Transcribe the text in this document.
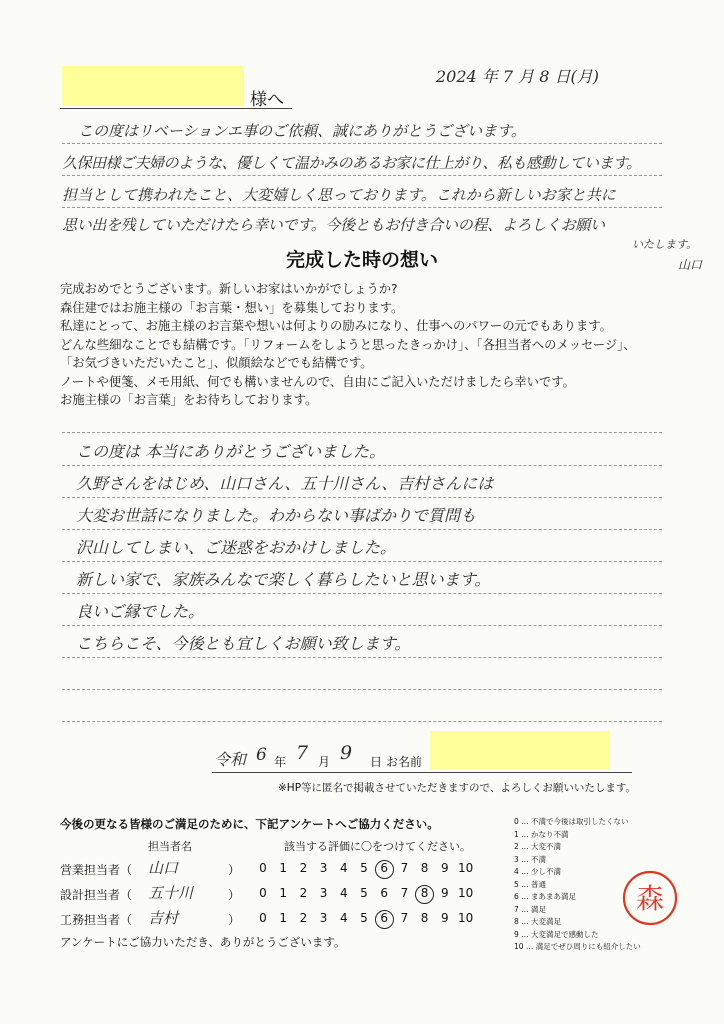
様へ
2024 年 7 月 8 日(月)
この度はリベーションエ事のご依頼、誠にありがとうございます。
久保田様ご夫婦のような、優しくて温かみのあるお家に仕上がり、私も感動しています。
担当として携われたこと、大変嬉しく思っております。これから新しいお家と共に
思い出を残していただけたら幸いです。今後ともお付き合いの程、よろしくお願い
いたします。
山口
完成した時の想い
完成おめでとうございます。新しいお家はいかがでしょうか?
森住建ではお施主様の「お言葉・想い」を募集しております。
私達にとって、お施主様のお言葉や想いは何よりの励みになり、仕事へのパワーの元でもあります。
どんな些細なことでも結構です。「リフォームをしようと思ったきっかけ」、「各担当者へのメッセージ」、
「お気づきいただいたこと」、似顔絵などでも結構です。
ノートや便箋、メモ用紙、何でも構いませんので、自由にご記入いただけましたら幸いです。
お施主様の「お言葉」をお待ちしております。
この度は 本当にありがとうございました。
久野さんをはじめ、山口さん、五十川さん、吉村さんには
大変お世話になりました。わからない事ばかりで質問も
沢山してしまい、ご迷惑をおかけしました。
新しい家で、家族みんなで楽しく暮らしたいと思います。
良いご縁でした。
こちらこそ、今後とも宜しくお願い致します。
令和 6 年 7 月 9 日 お名前
※HP等に匿名で掲載させていただきますので、よろしくお願いいたします。
今後の更なる皆様のご満足のために、下記アンケートへご協力ください。
担当者名	該当する評価に〇をつけてください。
営業担当者（ 山口	） 0 1 2 3 4 5 6 7 8 9 10
設計担当者（ 五十川	） 0 1 2 3 4 5 6 7 8 9 10
工務担当者（ 吉村	） 0 1 2 3 4 5 6 7 8 9 10
アンケートにご協力いただき、ありがとうございます。
0 … 不満で今後は取引したくない
1 … かなり不満
2 … 大変不満
3 … 不満
4 … 少し不満
5 … 普通
6 … まあまあ満足
7 … 満足
8 … 大変満足
9 … 大変満足で感動した
10 … 満足でぜひ周りにも紹介したい
森
